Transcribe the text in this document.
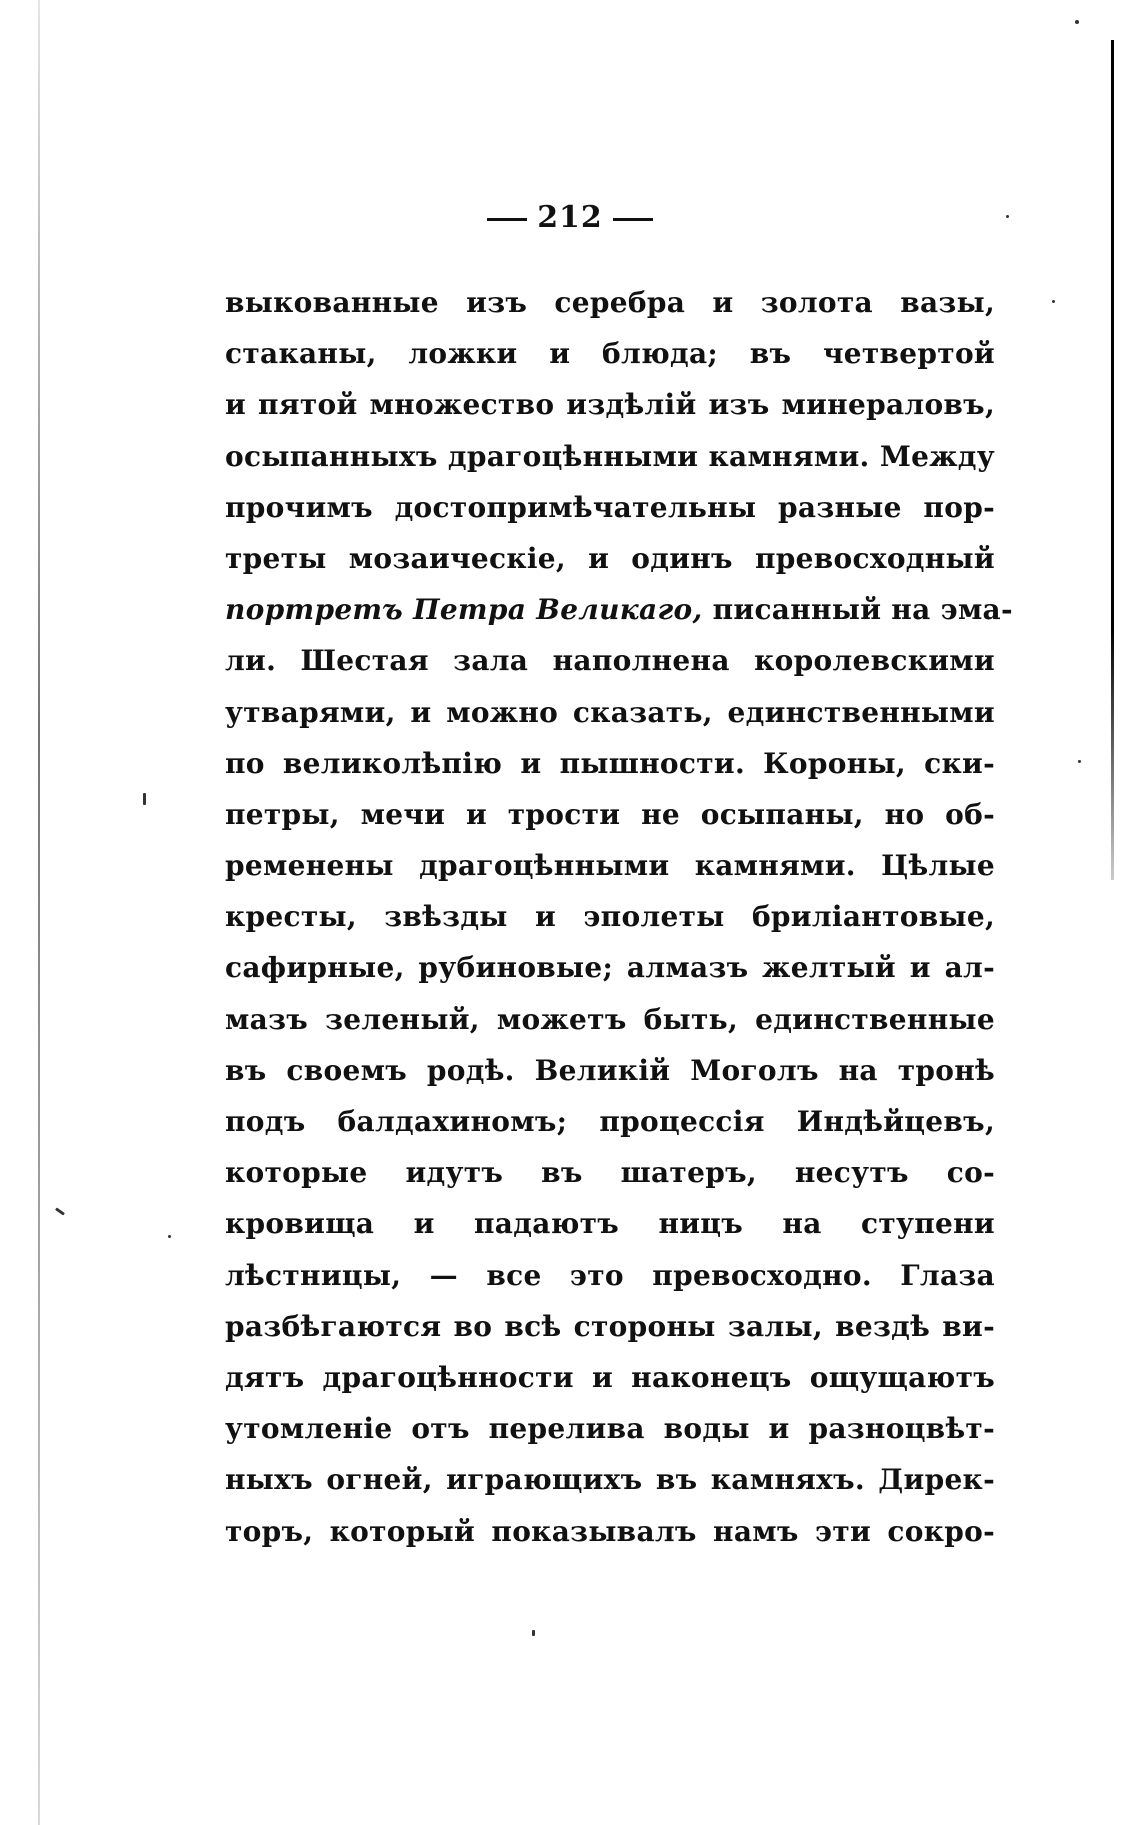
212
выкованные изъ серебра и золота вазы,
стаканы, ложки и блюда; въ четвертой
и пятой множество издѣлій изъ минераловъ,
осыпанныхъ драгоцѣнными камнями. Между
прочимъ достопримѣчательны разные пор-
треты мозаическіе, и одинъ превосходный
портретъ Петра Великаго, писанный на эма-
ли. Шестая зала наполнена королевскими
утварями, и можно сказать, единственными
по великолѣпію и пышности. Короны, ски-
петры, мечи и трости не осыпаны, но об-
ременены драгоцѣнными камнями. Цѣлые
кресты, звѣзды и эполеты бриліантовые,
сафирные, рубиновые; алмазъ желтый и ал-
мазъ зеленый, можетъ быть, единственные
въ своемъ родѣ. Великій Моголъ на тронѣ
подъ балдахиномъ; процессія Индѣйцевъ,
которые идутъ въ шатеръ, несутъ со-
кровища и падаютъ ницъ на ступени
лѣстницы, — все это превосходно. Глаза
разбѣгаются во всѣ стороны залы, вездѣ ви-
дятъ драгоцѣнности и наконецъ ощущаютъ
утомленіе отъ перелива воды и разноцвѣт-
ныхъ огней, играющихъ въ камняхъ. Дирек-
торъ, который показывалъ намъ эти сокро-
